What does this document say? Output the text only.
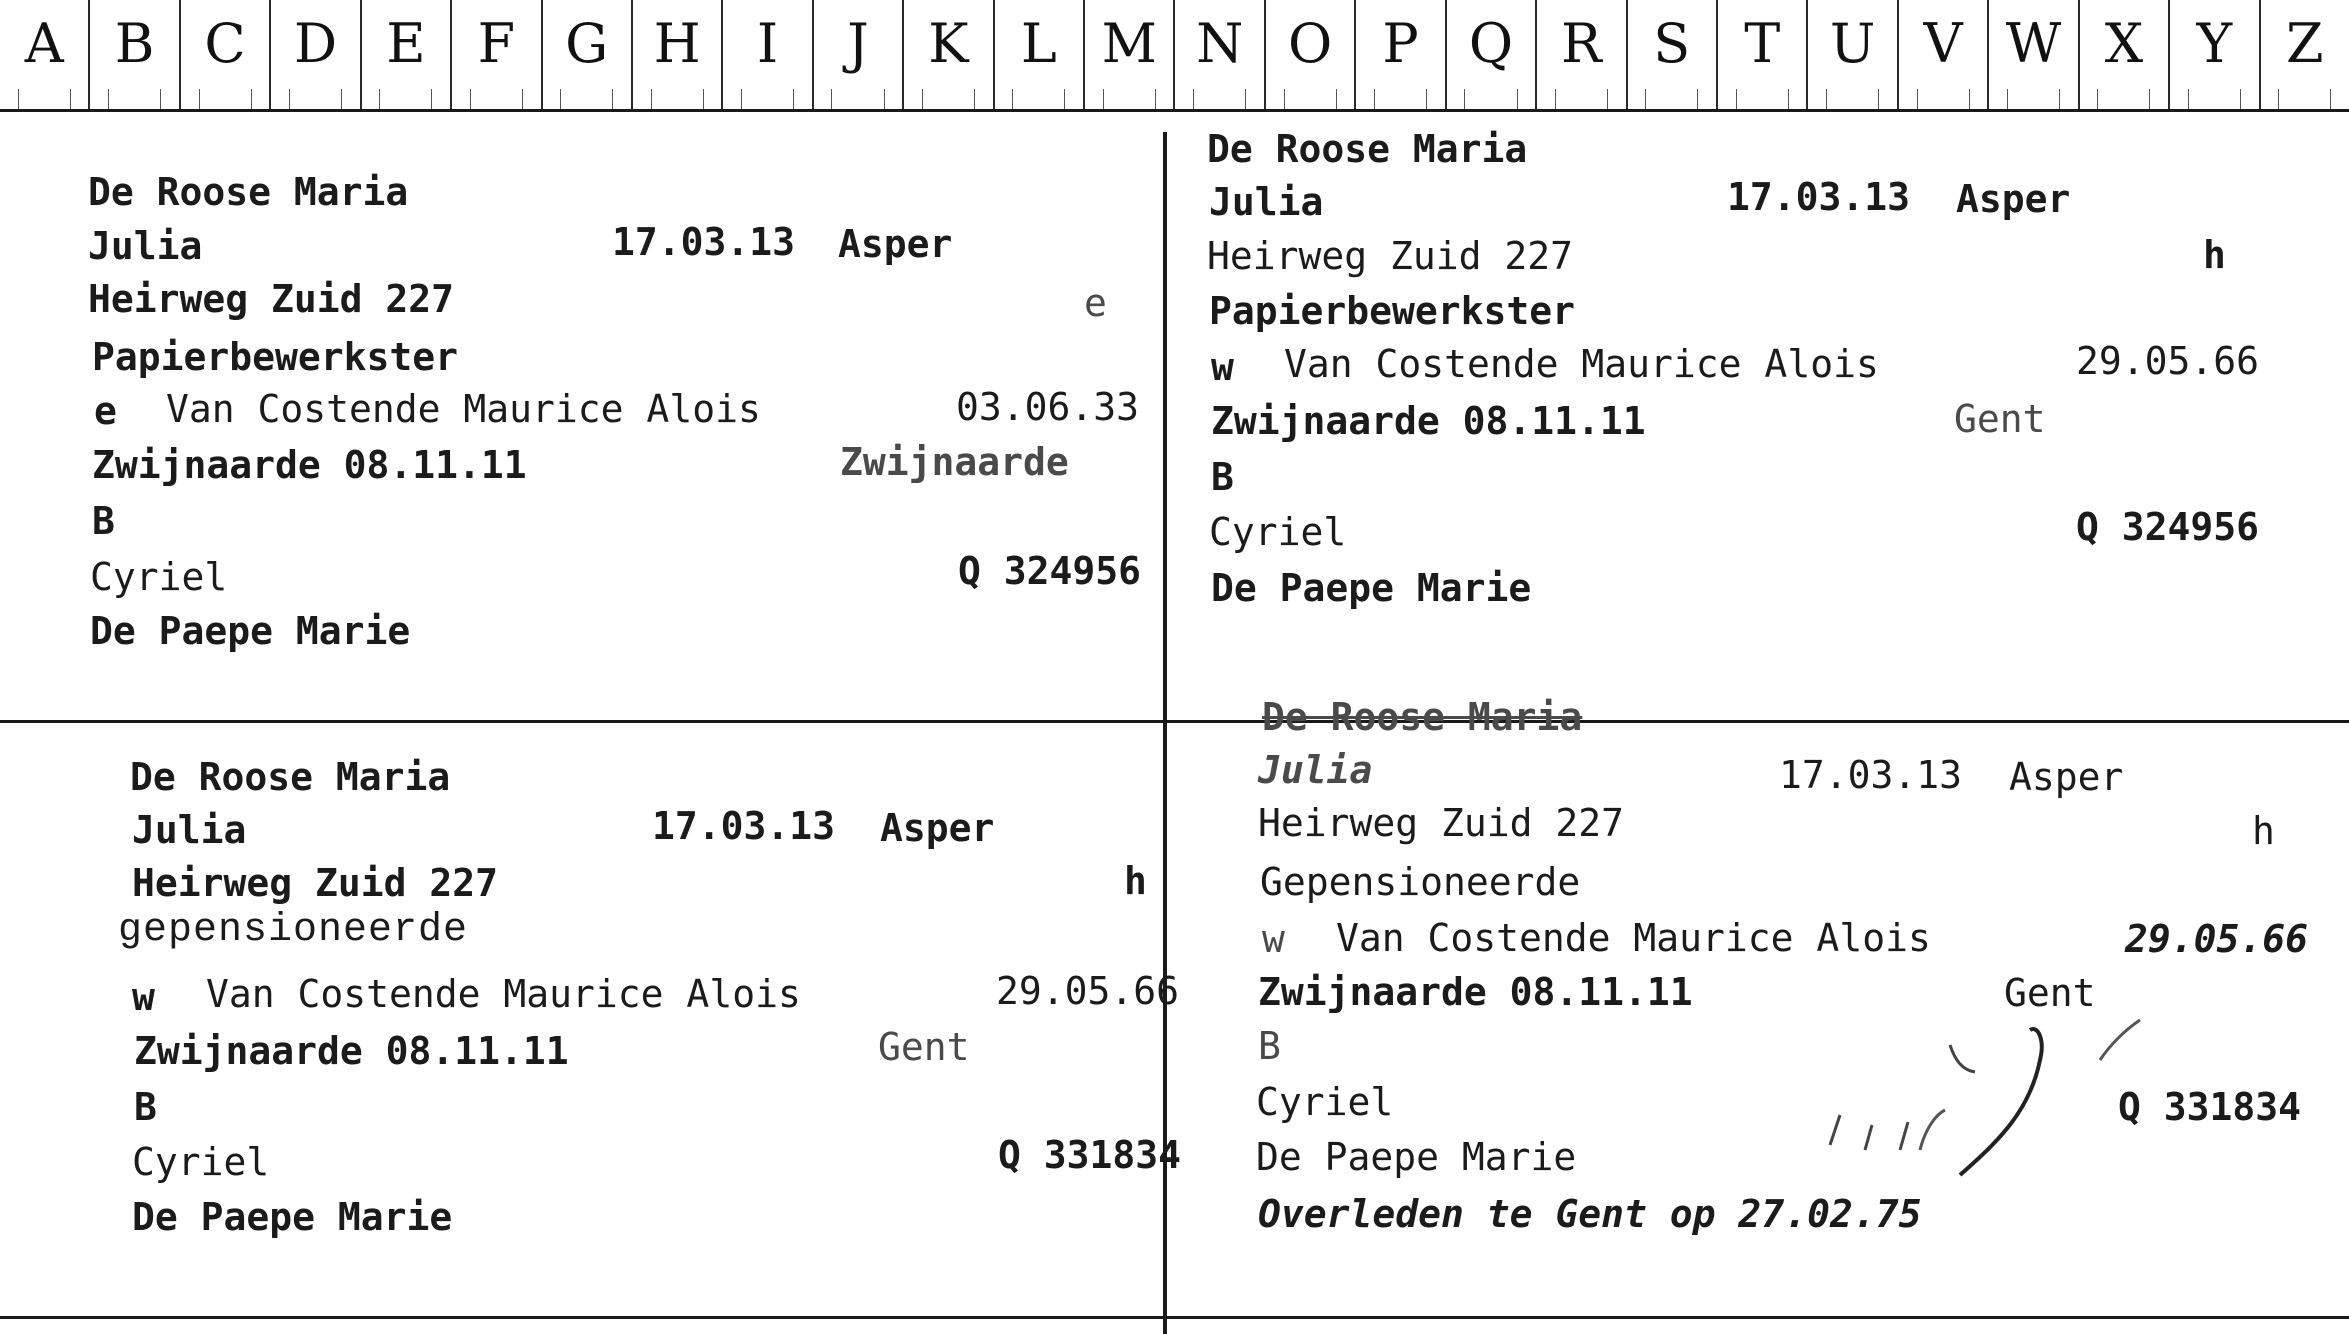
A B C D E F G H	I	J	K L M N O P Q R S T U V W X Y Z
De Roose Maria
Julia	17.03.13 Asper
Heirweg Zuid 227	e
Papierbewerkster
e Van Costende Maurice Alois	03.06.33
Zwijnaarde 08.11.11	Zwijnaarde
B
Cyriel	Q 324956
De Paepe Marie
De Roose Maria
Julia	17.03.13 Asper
Heirweg Zuid 227	h
Papierbewerkster
w Van Costende Maurice Alois	29.05.66
Zwijnaarde 08.11.11	Gent
B
Cyriel	Q 324956
De Paepe Marie
De Roose Maria
Julia	17.03.13 Asper
Heirweg Zuid 227	h
gepensioneerde
w Van Costende Maurice Alois	29.05.66
Zwijnaarde 08.11.11	Gent
B
Cyriel	Q 331834
De Paepe Marie
De Roose Maria
Julia	17.03.13 Asper
Heirweg Zuid 227	h
Gepensioneerde
w Van Costende Maurice Alois	29.05.66
Zwijnaarde 08.11.11	Gent
B
Cyriel	Q 331834
De Paepe Marie
Overleden te Gent op 27.02.75
